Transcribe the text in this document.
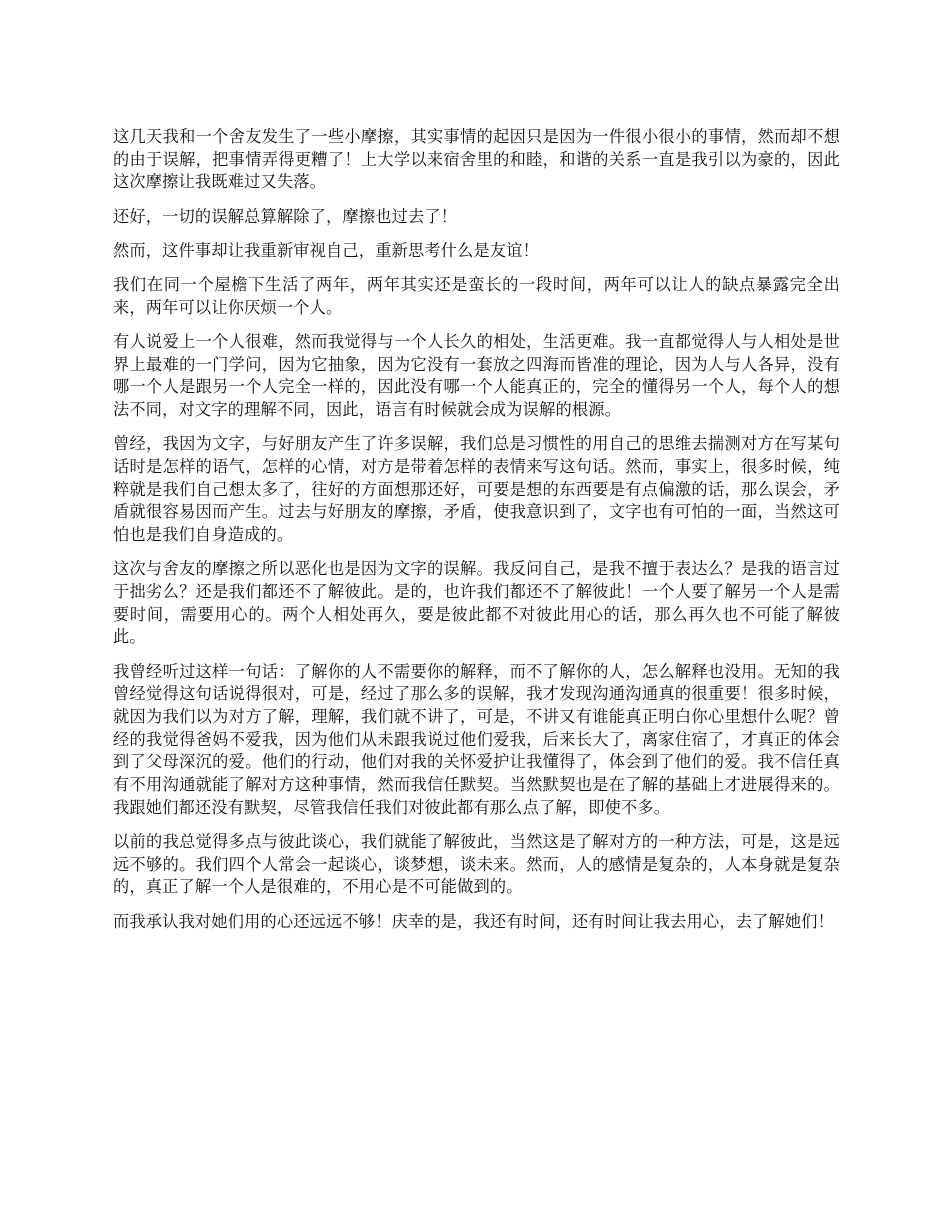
这几天我和一个舍友发生了一些小摩擦，其实事情的起因只是因为一件很小很小的事情，然而却不想的由于误解，把事情弄得更糟了！上大学以来宿舍里的和睦，和谐的关系一直是我引以为豪的，因此这次摩擦让我既难过又失落。

还好，一切的误解总算解除了，摩擦也过去了！

然而，这件事却让我重新审视自己，重新思考什么是友谊！

我们在同一个屋檐下生活了两年，两年其实还是蛮长的一段时间，两年可以让人的缺点暴露完全出来，两年可以让你厌烦一个人。

有人说爱上一个人很难，然而我觉得与一个人长久的相处，生活更难。我一直都觉得人与人相处是世界上最难的一门学问，因为它抽象，因为它没有一套放之四海而皆准的理论，因为人与人各异，没有哪一个人是跟另一个人完全一样的，因此没有哪一个人能真正的，完全的懂得另一个人，每个人的想法不同，对文字的理解不同，因此，语言有时候就会成为误解的根源。

曾经，我因为文字，与好朋友产生了许多误解，我们总是习惯性的用自己的思维去揣测对方在写某句话时是怎样的语气，怎样的心情，对方是带着怎样的表情来写这句话。然而，事实上，很多时候，纯粹就是我们自己想太多了，往好的方面想那还好，可要是想的东西要是有点偏激的话，那么误会，矛盾就很容易因而产生。过去与好朋友的摩擦，矛盾，使我意识到了，文字也有可怕的一面，当然这可怕也是我们自身造成的。

这次与舍友的摩擦之所以恶化也是因为文字的误解。我反问自己，是我不擅于表达么？是我的语言过于拙劣么？还是我们都还不了解彼此。是的，也许我们都还不了解彼此！一个人要了解另一个人是需要时间，需要用心的。两个人相处再久，要是彼此都不对彼此用心的话，那么再久也不可能了解彼此。

我曾经听过这样一句话：了解你的人不需要你的解释，而不了解你的人，怎么解释也没用。无知的我曾经觉得这句话说得很对，可是，经过了那么多的误解，我才发现沟通沟通真的很重要！很多时候，就因为我们以为对方了解，理解，我们就不讲了，可是，不讲又有谁能真正明白你心里想什么呢？曾经的我觉得爸妈不爱我，因为他们从未跟我说过他们爱我，后来长大了，离家住宿了，才真正的体会到了父母深沉的爱。他们的行动，他们对我的关怀爱护让我懂得了，体会到了他们的爱。我不信任真有不用沟通就能了解对方这种事情，然而我信任默契。当然默契也是在了解的基础上才进展得来的。我跟她们都还没有默契，尽管我信任我们对彼此都有那么点了解，即使不多。

以前的我总觉得多点与彼此谈心，我们就能了解彼此，当然这是了解对方的一种方法，可是，这是远远不够的。我们四个人常会一起谈心，谈梦想，谈未来。然而，人的感情是复杂的，人本身就是复杂的，真正了解一个人是很难的，不用心是不可能做到的。

而我承认我对她们用的心还远远不够！庆幸的是，我还有时间，还有时间让我去用心，去了解她们！
